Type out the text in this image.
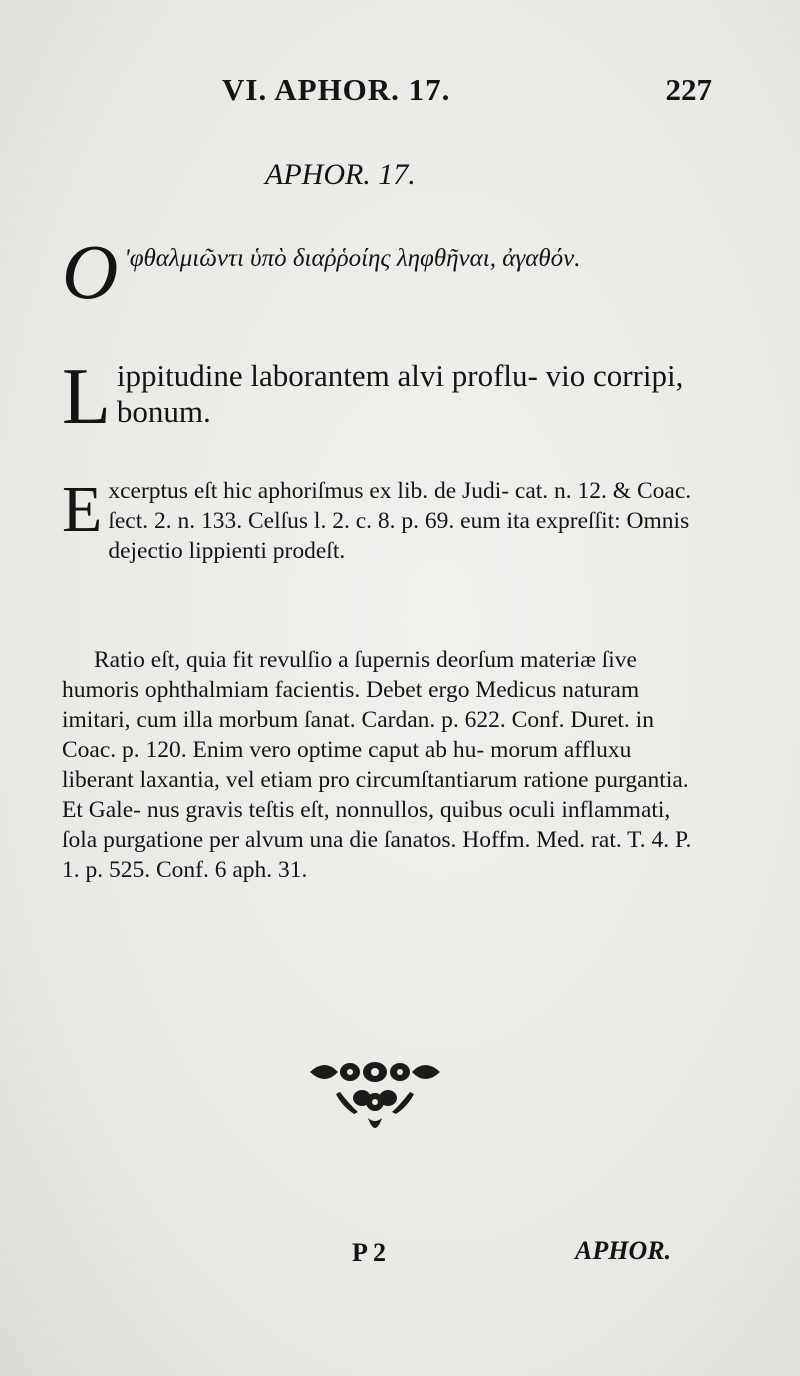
VI. APHOR. 17.	227
APHOR. 17.
O 'φθαλμιῶντι ὑπὸ διαῤῥοίης ληφθῆναι, ἀγαθόν.
L ippitudine laborantem alvi proflu- vio corripi, bonum.
E xcerptus eſt hic aphoriſmus ex lib. de Judi- cat. n. 12. & Coac. ſect. 2. n. 133. Celſus l. 2. c. 8. p. 69. eum ita expreſſit: Omnis dejectio lippienti prodeſt.

Ratio eſt, quia fit revulſio a ſupernis deorſum materiæ ſive humoris ophthalmiam facientis. Debet ergo Medicus naturam imitari, cum illa morbum ſanat. Cardan. p. 622. Conf. Duret. in Coac. p. 120. Enim vero optime caput ab hu- morum affluxu liberant laxantia, vel etiam pro circumſtantiarum ratione purgantia. Et Gale- nus gravis teſtis eſt, nonnullos, quibus oculi inflammati, ſola purgatione per alvum una die ſanatos. Hoffm. Med. rat. T. 4. P. 1. p. 525. Conf. 6 aph. 31.

P 2	APHOR.
